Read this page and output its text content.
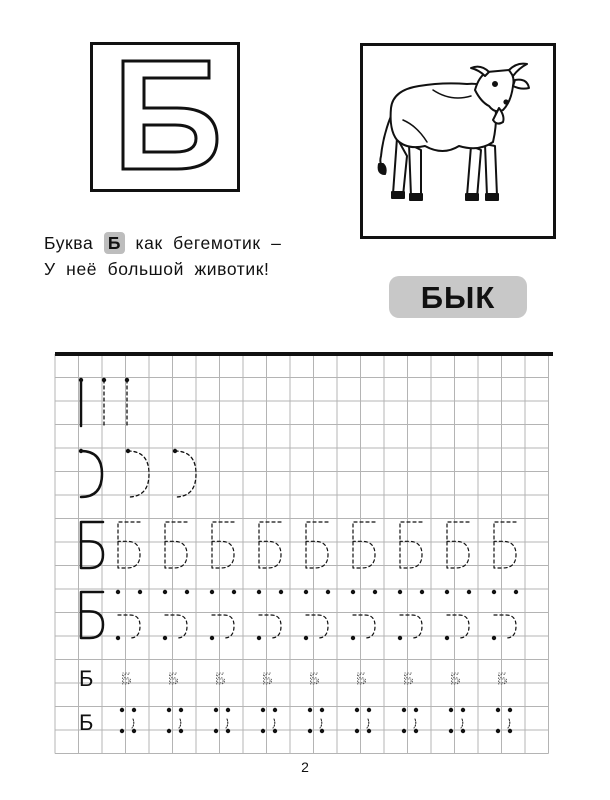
Буква Б как бегемотик –
У неё большой животик!
БЫК
Б Б Б Б Б Б Б Б Б Б
Б
2
